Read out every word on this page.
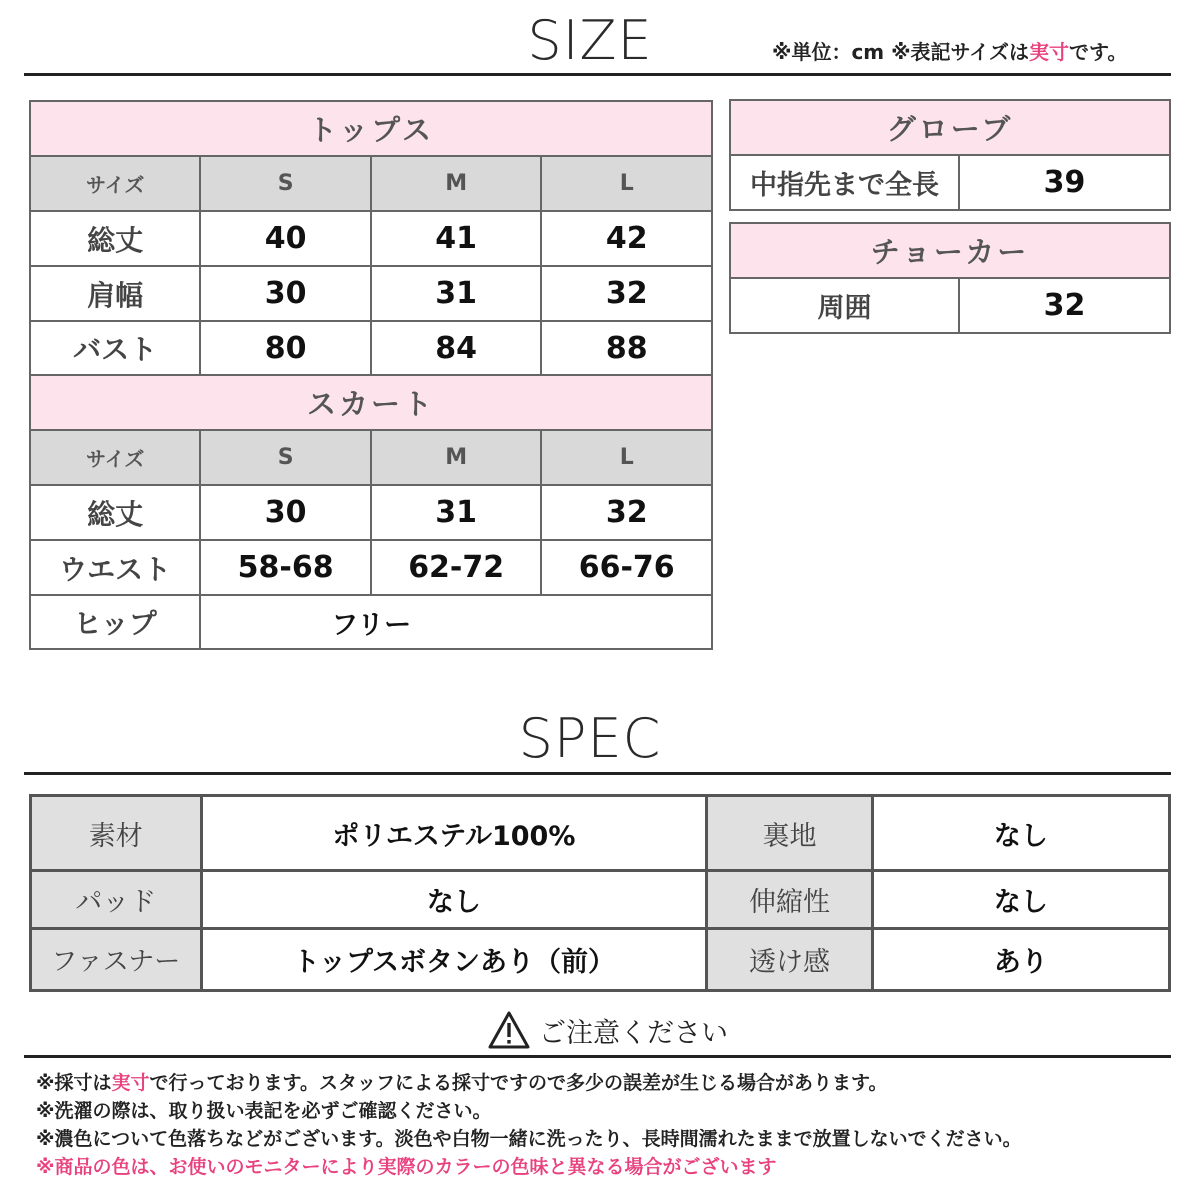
SIZE	※単位：cm ※表記サイズは実寸です。
トップス			
サイズ	S	M	L
総丈	40	41	42
肩幅	30	31	32
バスト	80	84	88
スカート			
サイズ	S	M	L
総丈	30	31	32
ウエスト	58-68	62-72	66-76
ヒップ	フリー		
グローブ
中指先まで全長	39
チョーカー
周囲	32
SPEC
素材	ポリエステル100%	裏地	なし
パッド	なし	伸縮性	なし
ファスナー	トップスボタンあり（前）	透け感	あり
ご注意ください
※採寸は実寸で行っております。スタッフによる採寸ですので多少の誤差が生じる場合があります。
※洗濯の際は、取り扱い表記を必ずご確認ください。
※濃色について色落ちなどがございます。淡色や白物一緒に洗ったり、長時間濡れたままで放置しないでください。
※商品の色は、お使いのモニターにより実際のカラーの色味と異なる場合がございます
